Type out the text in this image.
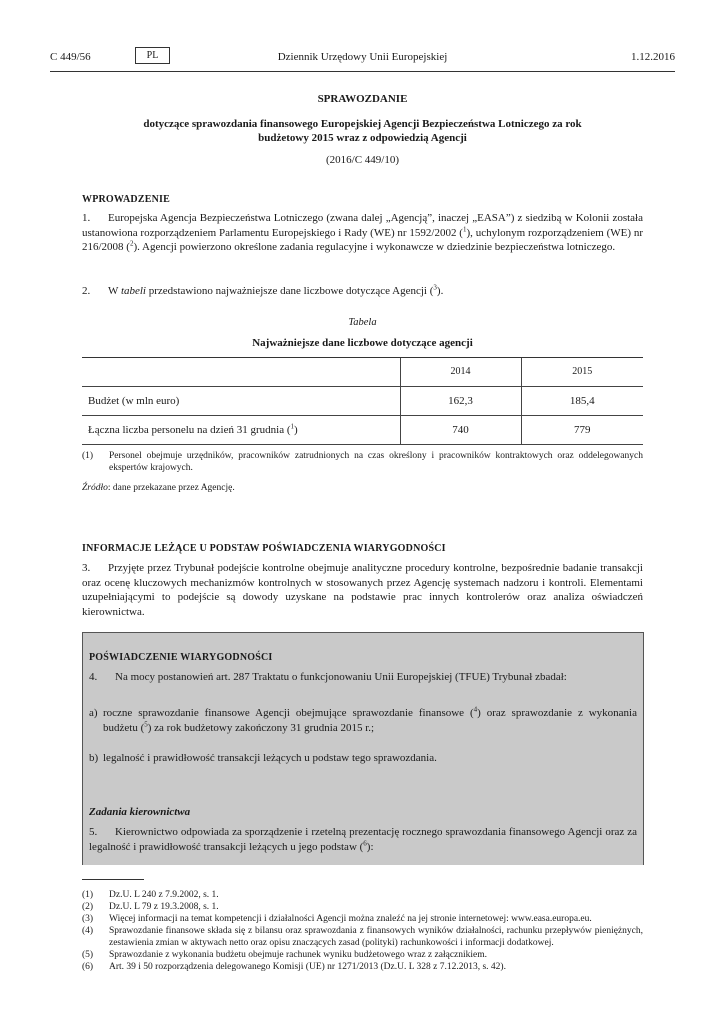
C 449/56	PL	Dziennik Urzędowy Unii Europejskiej	1.12.2016
SPRAWOZDANIE
dotyczące sprawozdania finansowego Europejskiej Agencji Bezpieczeństwa Lotniczego za rok
budżetowy 2015 wraz z odpowiedzią Agencji
(2016/C 449/10)
WPROWADZENIE
1. Europejska Agencja Bezpieczeństwa Lotniczego (zwana dalej „Agencją”, inaczej „EASA”) z siedzibą w Kolonii została ustanowiona rozporządzeniem Parlamentu Europejskiego i Rady (WE) nr 1592/2002 ($^1$), uchylonym rozporządzeniem (WE) nr 216/2008 ($^2$). Agencji powierzono określone zadania regulacyjne i wykonawcze w dziedzinie bezpieczeństwa lotniczego.
2. W tabeli przedstawiono najważniejsze dane liczbowe dotyczące Agencji ($^3$).
Tabela
Najważniejsze dane liczbowe dotyczące agencji
	2014	2015
Budżet (w mln euro)	162,3	185,4
Łączna liczba personelu na dzień 31 grudnia ($^1$)	740	779
(1) Personel obejmuje urzędników, pracowników zatrudnionych na czas określony i pracowników kontraktowych oraz oddelegowanych ekspertów krajowych.
Źródło: dane przekazane przez Agencję.
INFORMACJE LEŻĄCE U PODSTAW POŚWIADCZENIA WIARYGODNOŚCI
3. Przyjęte przez Trybunał podejście kontrolne obejmuje analityczne procedury kontrolne, bezpośrednie badanie transakcji oraz ocenę kluczowych mechanizmów kontrolnych w stosowanych przez Agencję systemach nadzoru i kontroli. Elementami uzupełniającymi to podejście są dowody uzyskane na podstawie prac innych kontrolerów oraz analiza oświadczeń kierownictwa.
POŚWIADCZENIE WIARYGODNOŚCI
4. Na mocy postanowień art. 287 Traktatu o funkcjonowaniu Unii Europejskiej (TFUE) Trybunał zbadał:
a) roczne sprawozdanie finansowe Agencji obejmujące sprawozdanie finansowe ($^4$) oraz sprawozdanie z wykonania budżetu ($^5$) za rok budżetowy zakończony 31 grudnia 2015 r.;
b) legalność i prawidłowość transakcji leżących u podstaw tego sprawozdania.
Zadania kierownictwa
5. Kierownictwo odpowiada za sporządzenie i rzetelną prezentację rocznego sprawozdania finansowego Agencji oraz za legalność i prawidłowość transakcji leżących u jego podstaw ($^6$):
(1) Dz.U. L 240 z 7.9.2002, s. 1.
(2) Dz.U. L 79 z 19.3.2008, s. 1.
(3) Więcej informacji na temat kompetencji i działalności Agencji można znaleźć na jej stronie internetowej: www.easa.europa.eu.
(4) Sprawozdanie finansowe składa się z bilansu oraz sprawozdania z finansowych wyników działalności, rachunku przepływów pieniężnych, zestawienia zmian w aktywach netto oraz opisu znaczących zasad (polityki) rachunkowości i informacji dodatkowej.
(5) Sprawozdanie z wykonania budżetu obejmuje rachunek wyniku budżetowego wraz z załącznikiem.
(6) Art. 39 i 50 rozporządzenia delegowanego Komisji (UE) nr 1271/2013 (Dz.U. L 328 z 7.12.2013, s. 42).
